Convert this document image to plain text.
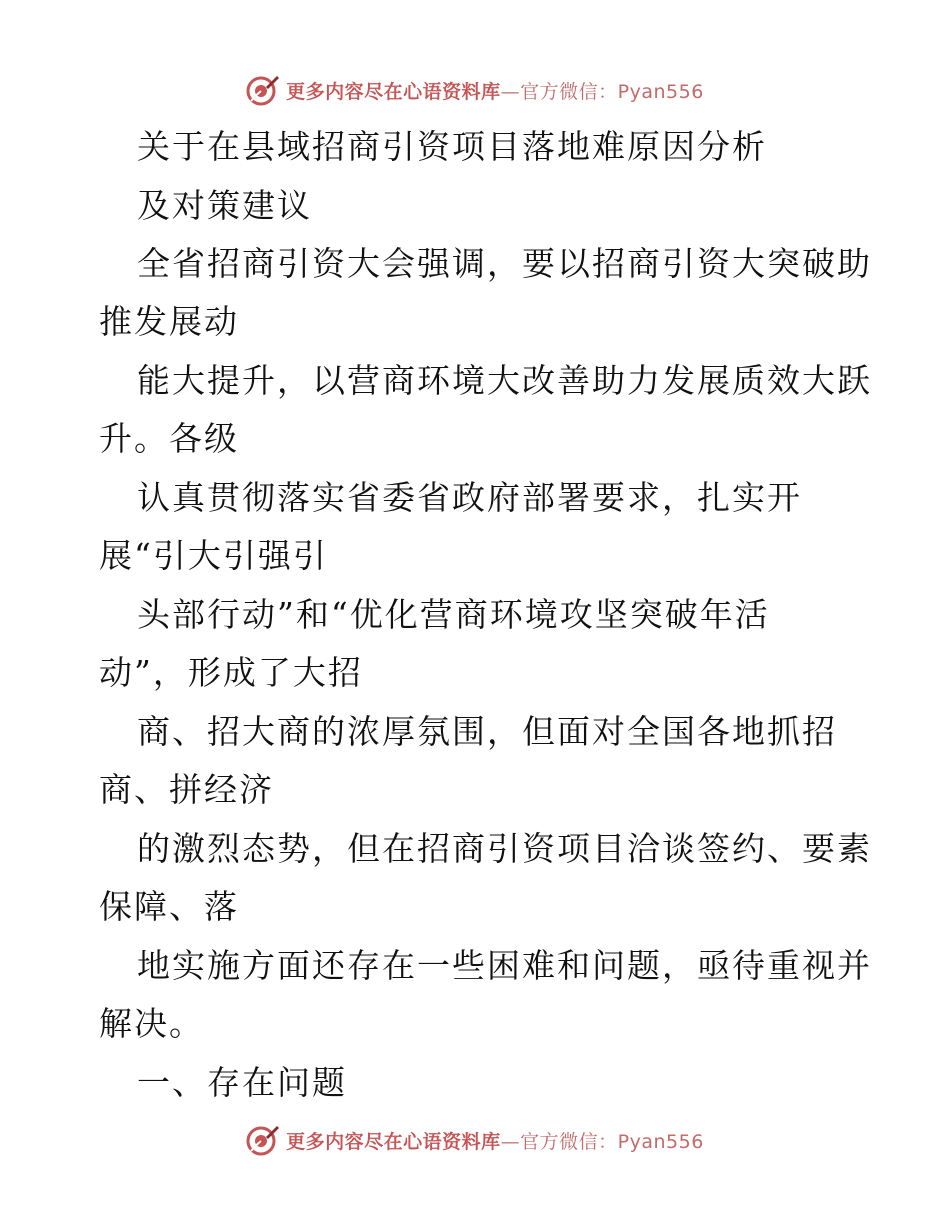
更多内容尽在心语资料库—官方微信：Pyan556
关于在县域招商引资项目落地难原因分析
及对策建议
全省招商引资大会强调，要以招商引资大突破助
推发展动
能大提升，以营商环境大改善助力发展质效大跃
升。各级
认真贯彻落实省委省政府部署要求，扎实开
展“引大引强引
头部行动”和“优化营商环境攻坚突破年活
动”，形成了大招
商、招大商的浓厚氛围，但面对全国各地抓招
商、拼经济
的激烈态势，但在招商引资项目洽谈签约、要素
保障、落
地实施方面还存在一些困难和问题，亟待重视并
解决。
一、存在问题
更多内容尽在心语资料库—官方微信：Pyan556
